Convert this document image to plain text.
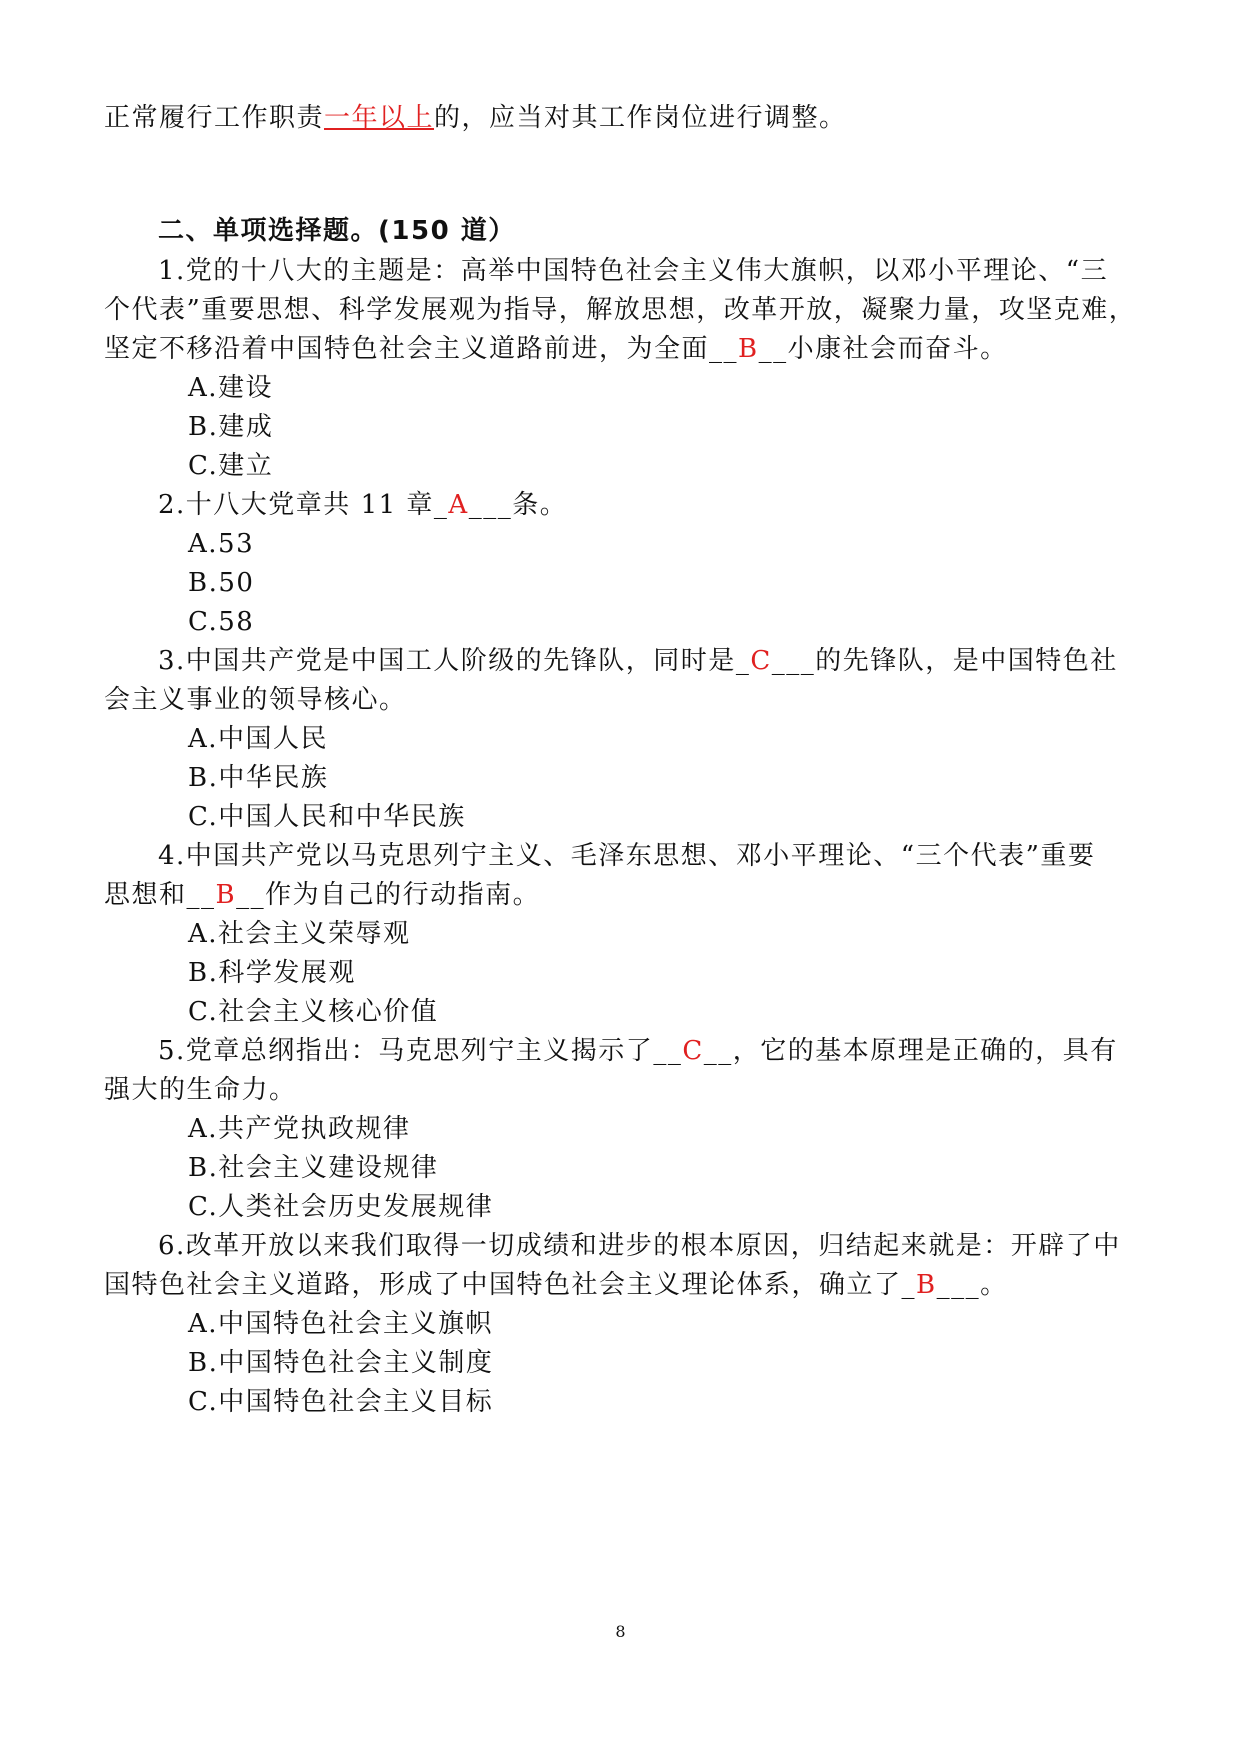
正常履行工作职责一年以上的，应当对其工作岗位进行调整。
二、单项选择题。(150 道）
1.党的十八大的主题是：高举中国特色社会主义伟大旗帜，以邓小平理论、“三
个代表”重要思想、科学发展观为指导，解放思想，改革开放，凝聚力量，攻坚克难，
坚定不移沿着中国特色社会主义道路前进，为全面__B__小康社会而奋斗。
A.建设
B.建成
C.建立
2.十八大党章共 11 章_A___条。
A.53
B.50
C.58
3.中国共产党是中国工人阶级的先锋队，同时是_C___的先锋队，是中国特色社
会主义事业的领导核心。
A.中国人民
B.中华民族
C.中国人民和中华民族
4.中国共产党以马克思列宁主义、毛泽东思想、邓小平理论、“三个代表”重要
思想和__B__作为自己的行动指南。
A.社会主义荣辱观
B.科学发展观
C.社会主义核心价值
5.党章总纲指出：马克思列宁主义揭示了__C__，它的基本原理是正确的，具有
强大的生命力。
A.共产党执政规律
B.社会主义建设规律
C.人类社会历史发展规律
6.改革开放以来我们取得一切成绩和进步的根本原因，归结起来就是：开辟了中
国特色社会主义道路，形成了中国特色社会主义理论体系，确立了_B___。
A.中国特色社会主义旗帜
B.中国特色社会主义制度
C.中国特色社会主义目标
8
